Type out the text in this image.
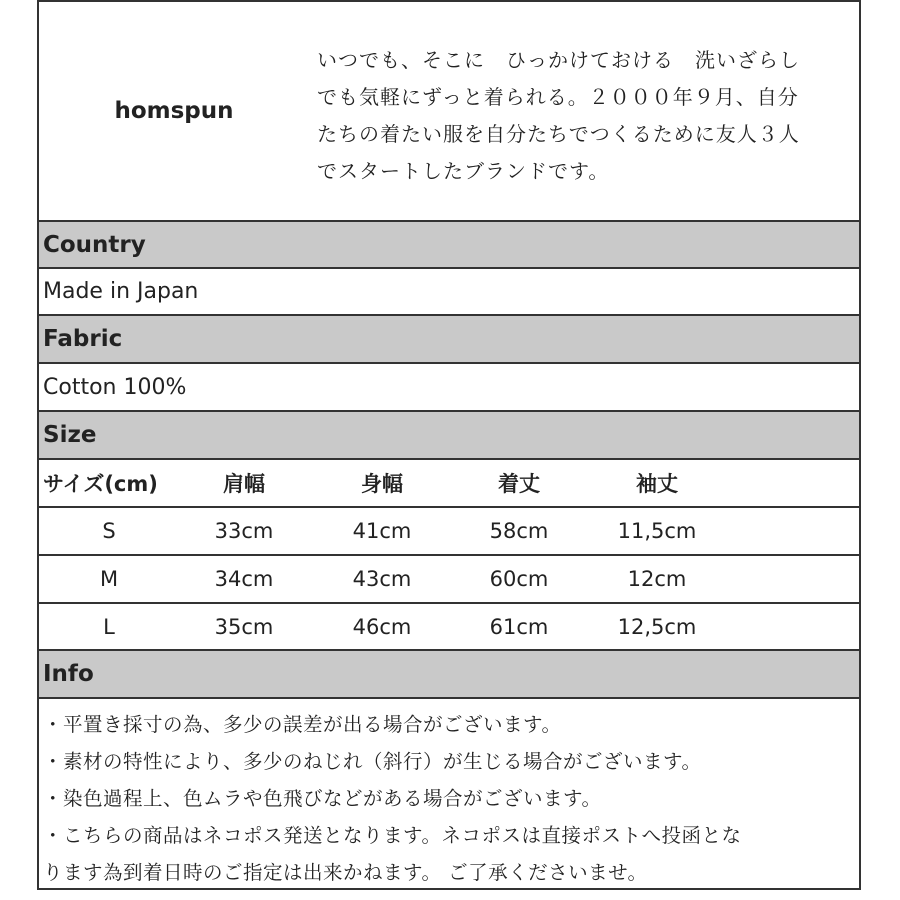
homspun
いつでも、そこに　ひっかけておける　洗いざらし
でも気軽にずっと着られる。２０００年９月、自分
たちの着たい服を自分たちでつくるために友人３人
でスタートしたブランドです。
Country
Made in Japan
Fabric
Cotton 100%
Size
サイズ(cm)	肩幅	身幅	着丈	袖丈
S	33cm	41cm	58cm	11,5cm
M	34cm	43cm	60cm	12cm
L	35cm	46cm	61cm	12,5cm
Info
・平置き採寸の為、多少の誤差が出る場合がございます。
・素材の特性により、多少のねじれ（斜行）が生じる場合がございます。
・染色過程上、色ムラや色飛びなどがある場合がございます。
・こちらの商品はネコポス発送となります。ネコポスは直接ポストへ投函とな
ります為到着日時のご指定は出来かねます。 ご了承くださいませ。
